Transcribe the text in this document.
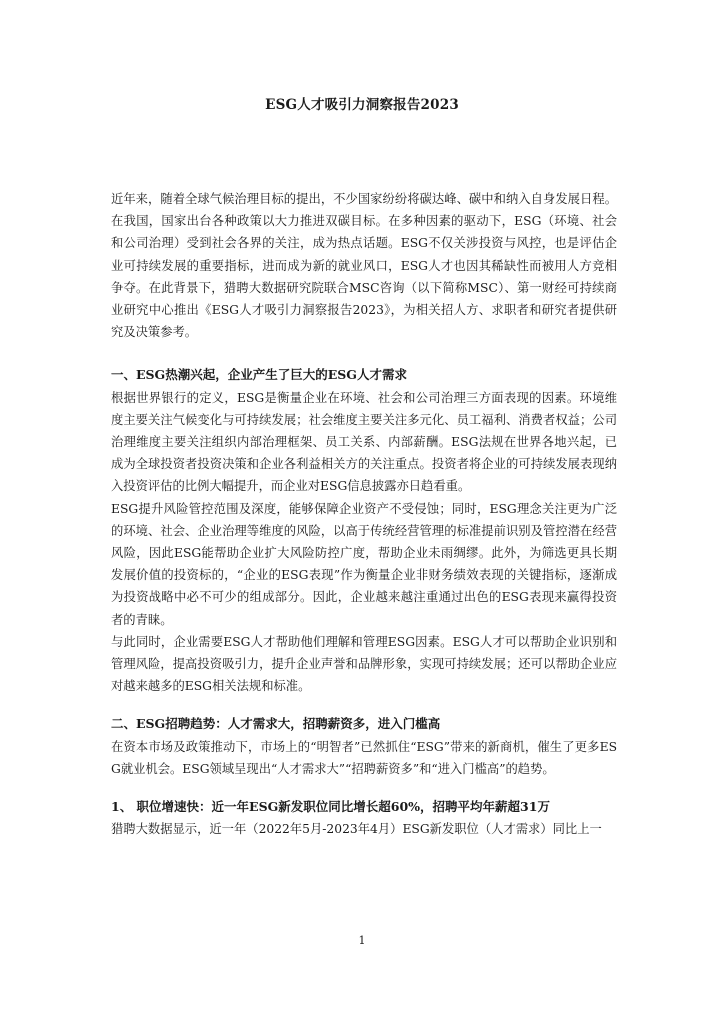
ESG人才吸引力洞察报告2023

近年来，随着全球气候治理目标的提出，不少国家纷纷将碳达峰、碳中和纳入自身发展日程。在我国，国家出台各种政策以大力推进双碳目标。在多种因素的驱动下，ESG（环境、社会和公司治理）受到社会各界的关注，成为热点话题。ESG不仅关涉投资与风控，也是评估企业可持续发展的重要指标，进而成为新的就业风口，ESG人才也因其稀缺性而被用人方竞相争夺。在此背景下，猎聘大数据研究院联合MSC咨询（以下简称MSC）、第一财经可持续商业研究中心推出《ESG人才吸引力洞察报告2023》，为相关招人方、求职者和研究者提供研究及决策参考。

一、ESG热潮兴起，企业产生了巨大的ESG人才需求

根据世界银行的定义，ESG是衡量企业在环境、社会和公司治理三方面表现的因素。环境维度主要关注气候变化与可持续发展；社会维度主要关注多元化、员工福利、消费者权益；公司治理维度主要关注组织内部治理框架、员工关系、内部薪酬。ESG法规在世界各地兴起，已成为全球投资者投资决策和企业各利益相关方的关注重点。投资者将企业的可持续发展表现纳入投资评估的比例大幅提升，而企业对ESG信息披露亦日趋看重。

ESG提升风险管控范围及深度，能够保障企业资产不受侵蚀；同时，ESG理念关注更为广泛的环境、社会、企业治理等维度的风险，以高于传统经营管理的标准提前识别及管控潜在经营风险，因此ESG能帮助企业扩大风险防控广度，帮助企业未雨绸缪。此外，为筛选更具长期发展价值的投资标的，“企业的ESG表现”作为衡量企业非财务绩效表现的关键指标，逐渐成为投资战略中必不可少的组成部分。因此，企业越来越注重通过出色的ESG表现来赢得投资者的青睐。

与此同时，企业需要ESG人才帮助他们理解和管理ESG因素。ESG人才可以帮助企业识别和管理风险，提高投资吸引力，提升企业声誉和品牌形象，实现可持续发展；还可以帮助企业应对越来越多的ESG相关法规和标准。

二、ESG招聘趋势：人才需求大，招聘薪资多，进入门槛高

在资本市场及政策推动下，市场上的“明智者”已然抓住“ESG”带来的新商机，催生了更多ESG就业机会。ESG领域呈现出“人才需求大”“招聘薪资多”和“进入门槛高”的趋势。

1、 职位增速快：近一年ESG新发职位同比增长超60%，招聘平均年薪超31万

猎聘大数据显示，近一年（2022年5月-2023年4月）ESG新发职位（人才需求）同比上一

1
